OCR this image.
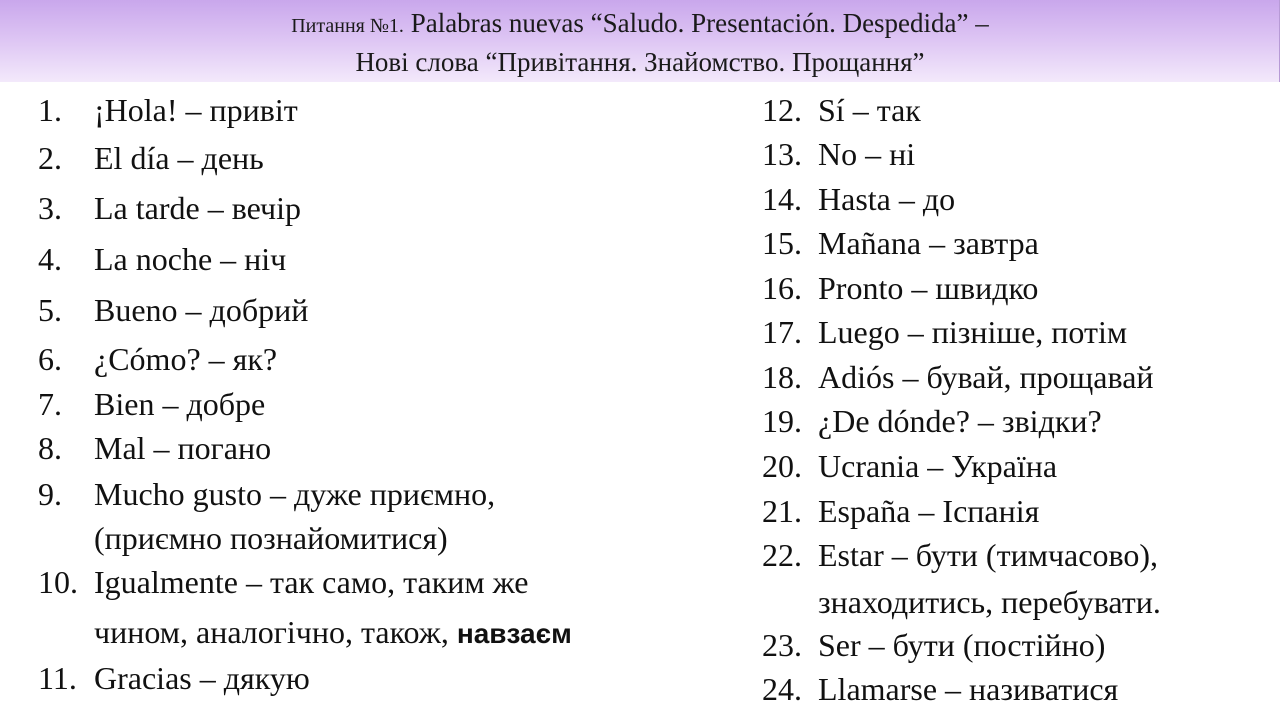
Питання №1. Palabras nuevas “Saludo. Presentación. Despedida” –
Нові слова “Привітання. Знайомство. Прощання”
1.	¡Hola! – привіт
2.	El día – день
3.	La tarde – вечір
4.	La noche – ніч
5.	Bueno – добрий
6.	¿Cómo? – як?
7.	Bien – добре
8.	Mal – погано
9.	Mucho gusto – дуже приємно,
(приємно познайомитися)
10. Igualmente – так само, таким же
чином, аналогічно, також, навзаєм
11. Gracias – дякую
12. Sí – так
13. No – ні
14. Hasta – до
15. Mañana – завтра
16. Pronto – швидко
17. Luego – пізніше, потім
18. Adiós – бувай, прощавай
19. ¿De dónde? – звідки?
20. Ucrania – Україна
21. España – Іспанія
22. Estar – бути (тимчасово),
знаходитись, перебувати.
23. Ser – бути (постійно)
24. Llamarse – називатися
